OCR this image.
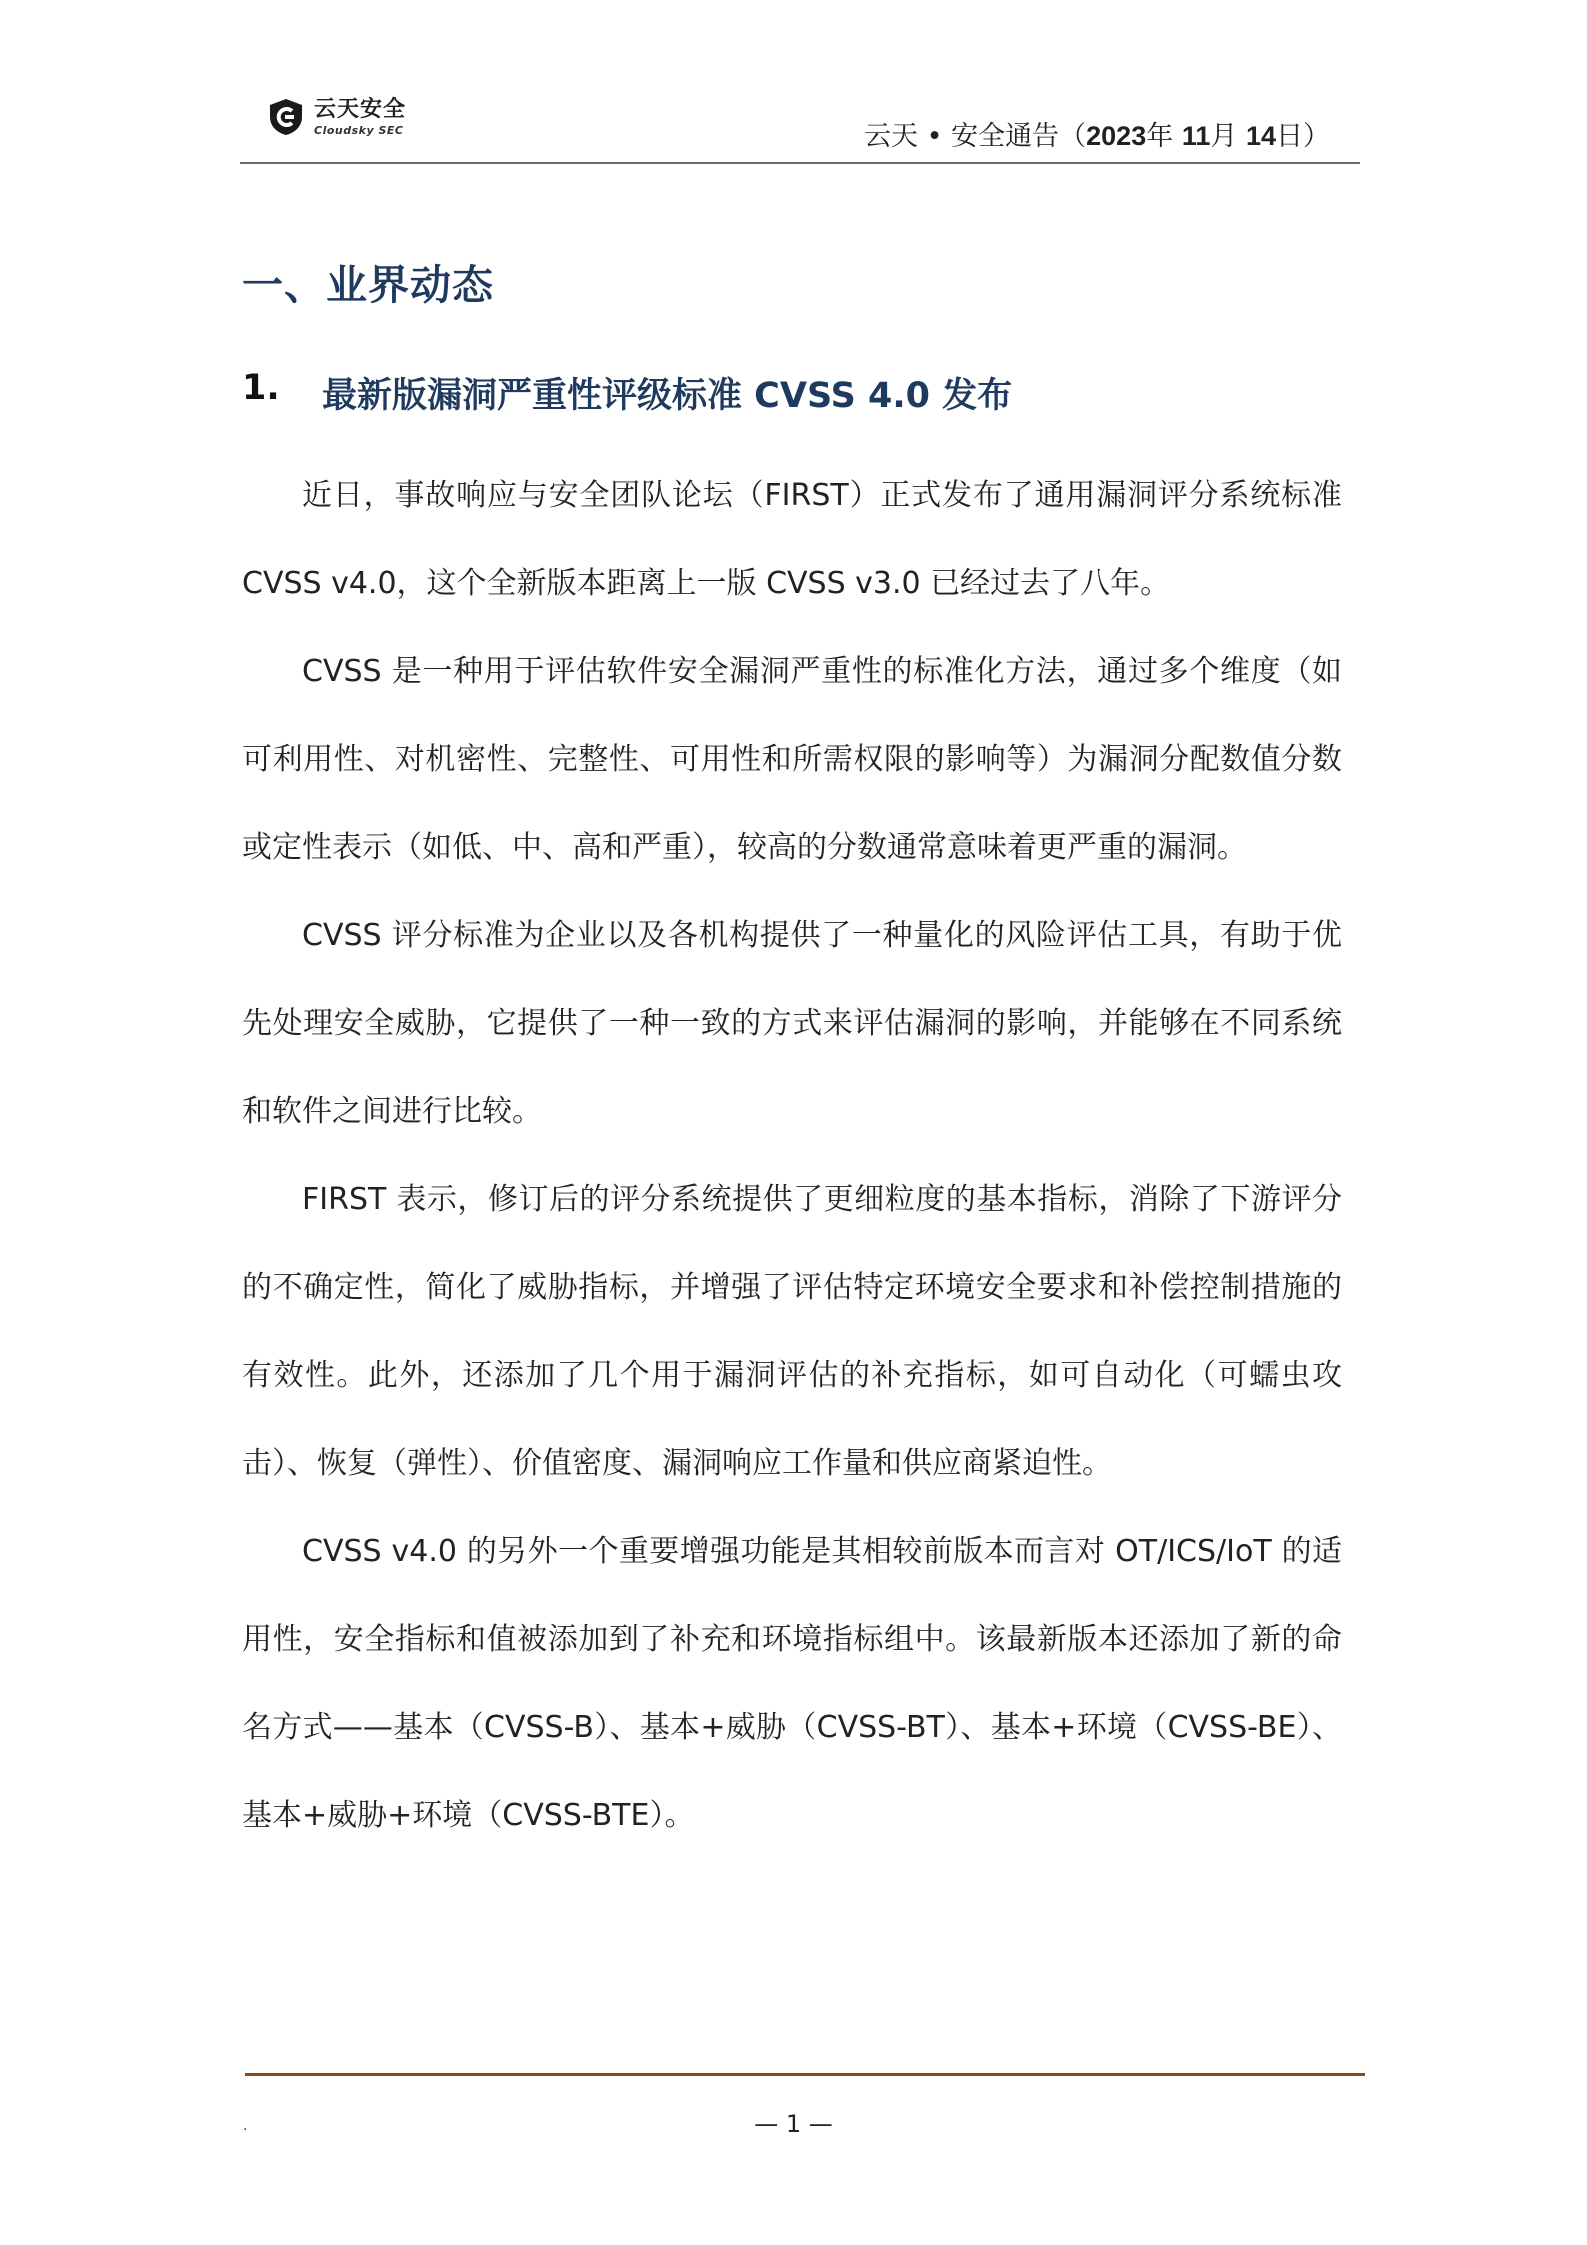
云天安全
Cloudsky SEC	云天 • 安全通告（2023年 11月 14日）
一、业界动态
1.	最新版漏洞严重性评级标准 CVSS 4.0 发布

近日，事故响应与安全团队论坛（FIRST）正式发布了通用漏洞评分系统标准 CVSS v4.0，这个全新版本距离上一版 CVSS v3.0 已经过去了八年。

CVSS 是一种用于评估软件安全漏洞严重性的标准化方法，通过多个维度（如可利用性、对机密性、完整性、可用性和所需权限的影响等）为漏洞分配数值分数或定性表示（如低、中、高和严重），较高的分数通常意味着更严重的漏洞。

CVSS 评分标准为企业以及各机构提供了一种量化的风险评估工具，有助于优先处理安全威胁，它提供了一种一致的方式来评估漏洞的影响，并能够在不同系统和软件之间进行比较。

FIRST 表示，修订后的评分系统提供了更细粒度的基本指标，消除了下游评分的不确定性，简化了威胁指标，并增强了评估特定环境安全要求和补偿控制措施的有效性。此外，还添加了几个用于漏洞评估的补充指标，如可自动化（可蠕虫攻击）、恢复（弹性）、价值密度、漏洞响应工作量和供应商紧迫性。

CVSS v4.0 的另外一个重要增强功能是其相较前版本而言对 OT/ICS/IoT 的适用性，安全指标和值被添加到了补充和环境指标组中。该最新版本还添加了新的命名方式——基本（CVSS-B）、基本+威胁（CVSS-BT）、基本+环境（CVSS-BE）、基本+威胁+环境（CVSS-BTE）。

.	— 1 —
